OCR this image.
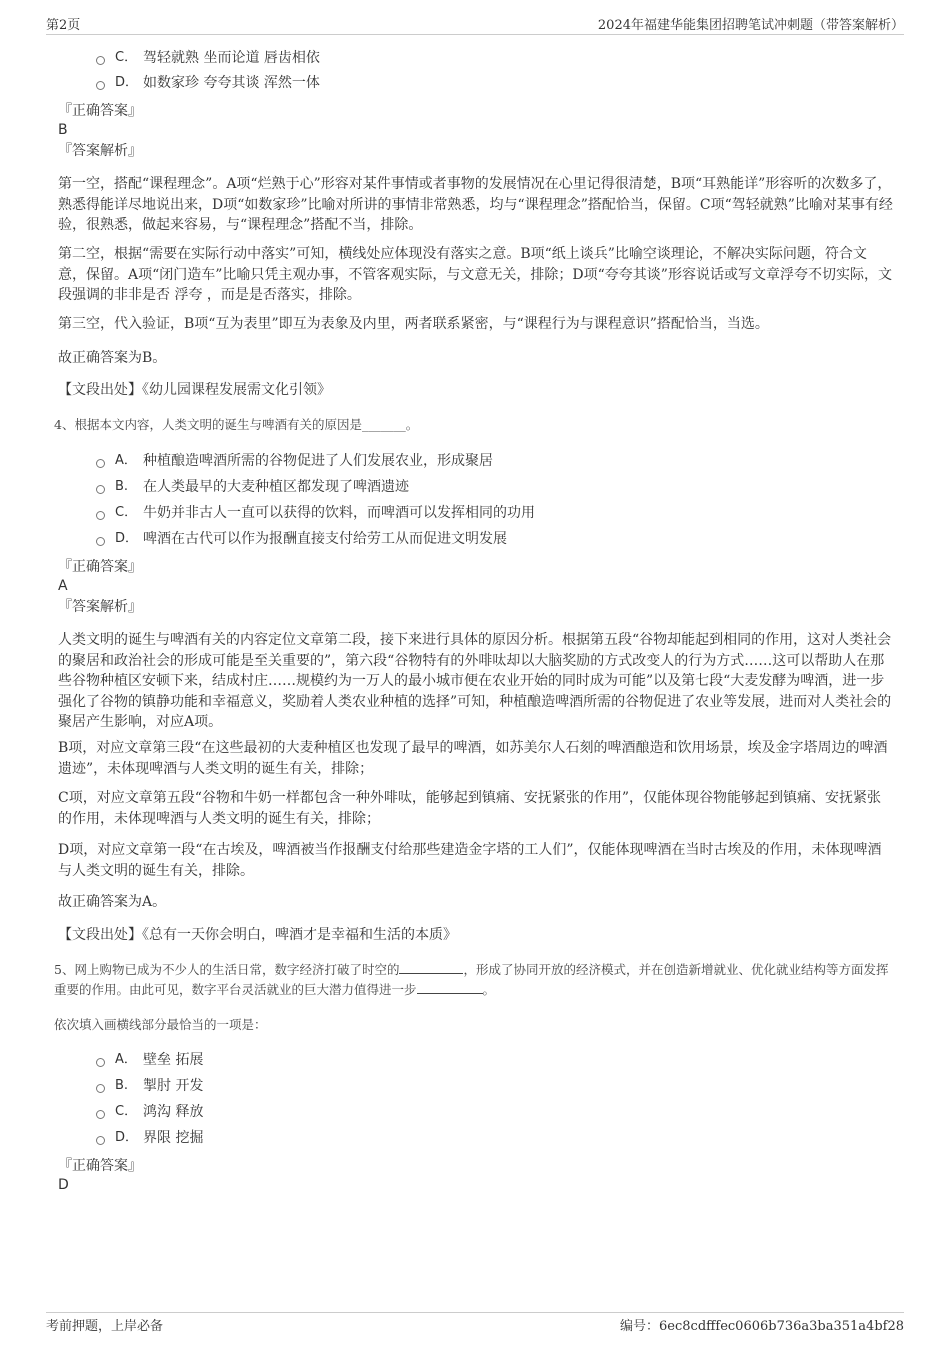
第2页	2024年福建华能集团招聘笔试冲刺题（带答案解析）
C． 驾轻就熟 坐而论道 唇齿相依
D． 如数家珍 夸夸其谈 浑然一体
『正确答案』
B
『答案解析』
第一空，搭配“课程理念”。A项“烂熟于心”形容对某件事情或者事物的发展情况在心里记得很清楚，B项“耳熟能详”形容听的次数多了，熟悉得能详尽地说出来，D项“如数家珍”比喻对所讲的事情非常熟悉，均与“课程理念”搭配恰当，保留。C项“驾轻就熟”比喻对某事有经验，很熟悉，做起来容易，与“课程理念”搭配不当，排除。
第二空，根据“需要在实际行动中落实”可知，横线处应体现没有落实之意。B项“纸上谈兵”比喻空谈理论，不解决实际问题，符合文意，保留。A项“闭门造车”比喻只凭主观办事，不管客观实际，与文意无关，排除；D项“夸夸其谈”形容说话或写文章浮夸不切实际，文段强调的非非是否 浮夸 ，而是是否落实，排除。
第三空，代入验证，B项“互为表里”即互为表象及内里，两者联系紧密，与“课程行为与课程意识”搭配恰当，当选。
故正确答案为B。
【文段出处】《幼儿园课程发展需文化引领》
4、根据本文内容，人类文明的诞生与啤酒有关的原因是_______。
A． 种植酿造啤酒所需的谷物促进了人们发展农业，形成聚居
B.	在人类最早的大麦种植区都发现了啤酒遗迹
C． 牛奶并非古人一直可以获得的饮料，而啤酒可以发挥相同的功用
D． 啤酒在古代可以作为报酬直接支付给劳工从而促进文明发展
『正确答案』
A
『答案解析』
人类文明的诞生与啤酒有关的内容定位文章第二段，接下来进行具体的原因分析。根据第五段“谷物却能起到相同的作用，这对人类社会的聚居和政治社会的形成可能是至关重要的”，第六段“谷物特有的外啡呔却以大脑奖励的方式改变人的行为方式……这可以帮助人在那些谷物种植区安顿下来，结成村庄……规模约为一万人的最小城市便在农业开始的同时成为可能”以及第七段“大麦发酵为啤酒，进一步强化了谷物的镇静功能和幸福意义，奖励着人类农业种植的选择”可知，种植酿造啤酒所需的谷物促进了农业等发展，进而对人类社会的聚居产生影响，对应A项。
B项，对应文章第三段“在这些最初的大麦种植区也发现了最早的啤酒，如苏美尔人石刻的啤酒酿造和饮用场景，埃及金字塔周边的啤酒遗迹”，未体现啤酒与人类文明的诞生有关，排除；
C项，对应文章第五段“谷物和牛奶一样都包含一种外啡呔，能够起到镇痛、安抚紧张的作用”，仅能体现谷物能够起到镇痛、安抚紧张的作用，未体现啤酒与人类文明的诞生有关，排除；
D项，对应文章第一段“在古埃及，啤酒被当作报酬支付给那些建造金字塔的工人们”，仅能体现啤酒在当时古埃及的作用，未体现啤酒与人类文明的诞生有关，排除。
故正确答案为A。
【文段出处】《总有一天你会明白，啤酒才是幸福和生活的本质》
5、网上购物已成为不少人的生活日常，数字经济打破了时空的	，形成了协同开放的经济模式，并在创造新增就业、优化就业结构等方面发挥重要的作用。由此可见，数字平台灵活就业的巨大潜力值得进一步	。
依次填入画横线部分最恰当的一项是：
A． 壁垒 拓展
B.	掣肘 开发
C． 鸿沟 释放
D． 界限 挖掘
『正确答案』
D
考前押题，上岸必备	编号：6ec8cdfffec0606b736a3ba351a4bf28
